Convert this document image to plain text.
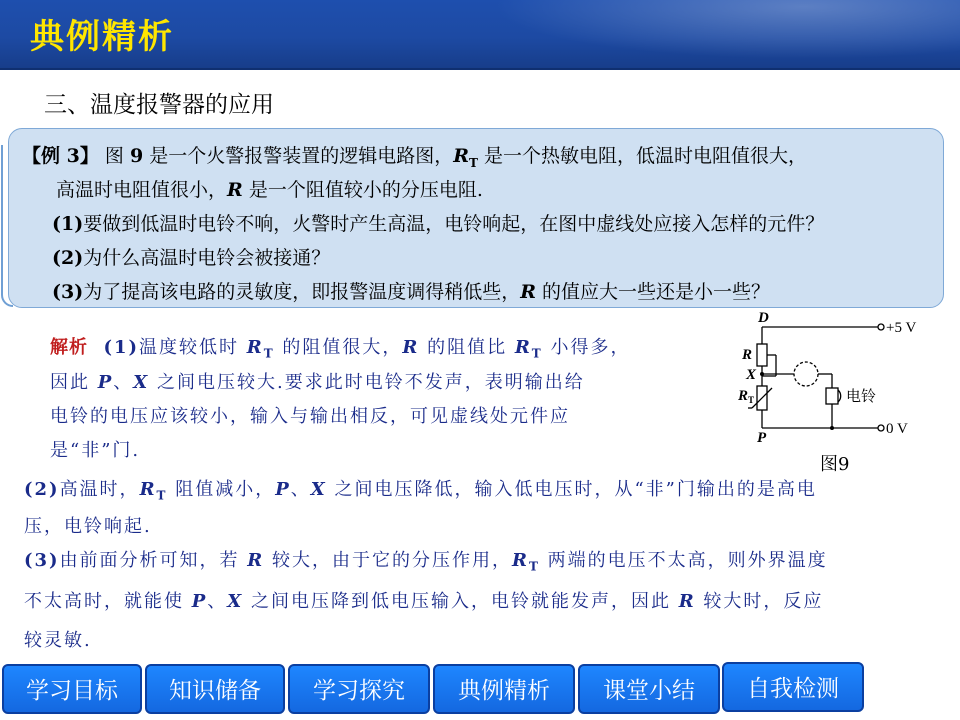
典例精析
三、温度报警器的应用
【例 3】 图 9 是一个火警报警装置的逻辑电路图，$R_T$ 是一个热敏电阻，低温时电阻值很大，
高温时电阻值很小，R 是一个阻值较小的分压电阻.
(1)要做到低温时电铃不响，火警时产生高温，电铃响起，在图中虚线处应接入怎样的元件？
(2)为什么高温时电铃会被接通？
(3)为了提高该电路的灵敏度，即报警温度调得稍低些，R 的值应大一些还是小一些？
解析 (1)温度较低时 $R_T$ 的阻值很大，R 的阻值比 $R_T$ 小得多，
因此 P、X 之间电压较大.要求此时电铃不发声，表明输出给
电铃的电压应该较小，输入与输出相反，可见虚线处元件应
是“非”门.
D
R
X
R T
P
+5 V
0 V
电铃
图9
(2)高温时，$R_T$ 阻值减小，P、X 之间电压降低，输入低电压时，从“非”门输出的是高电
压，电铃响起.
(3)由前面分析可知，若 R 较大，由于它的分压作用，$R_T$ 两端的电压不太高，则外界温度
不太高时，就能使 P、X 之间电压降到低电压输入，电铃就能发声，因此 R 较大时，反应
较灵敏.
学习目标	知识储备	学习探究	典例精析	课堂小结	自我检测
